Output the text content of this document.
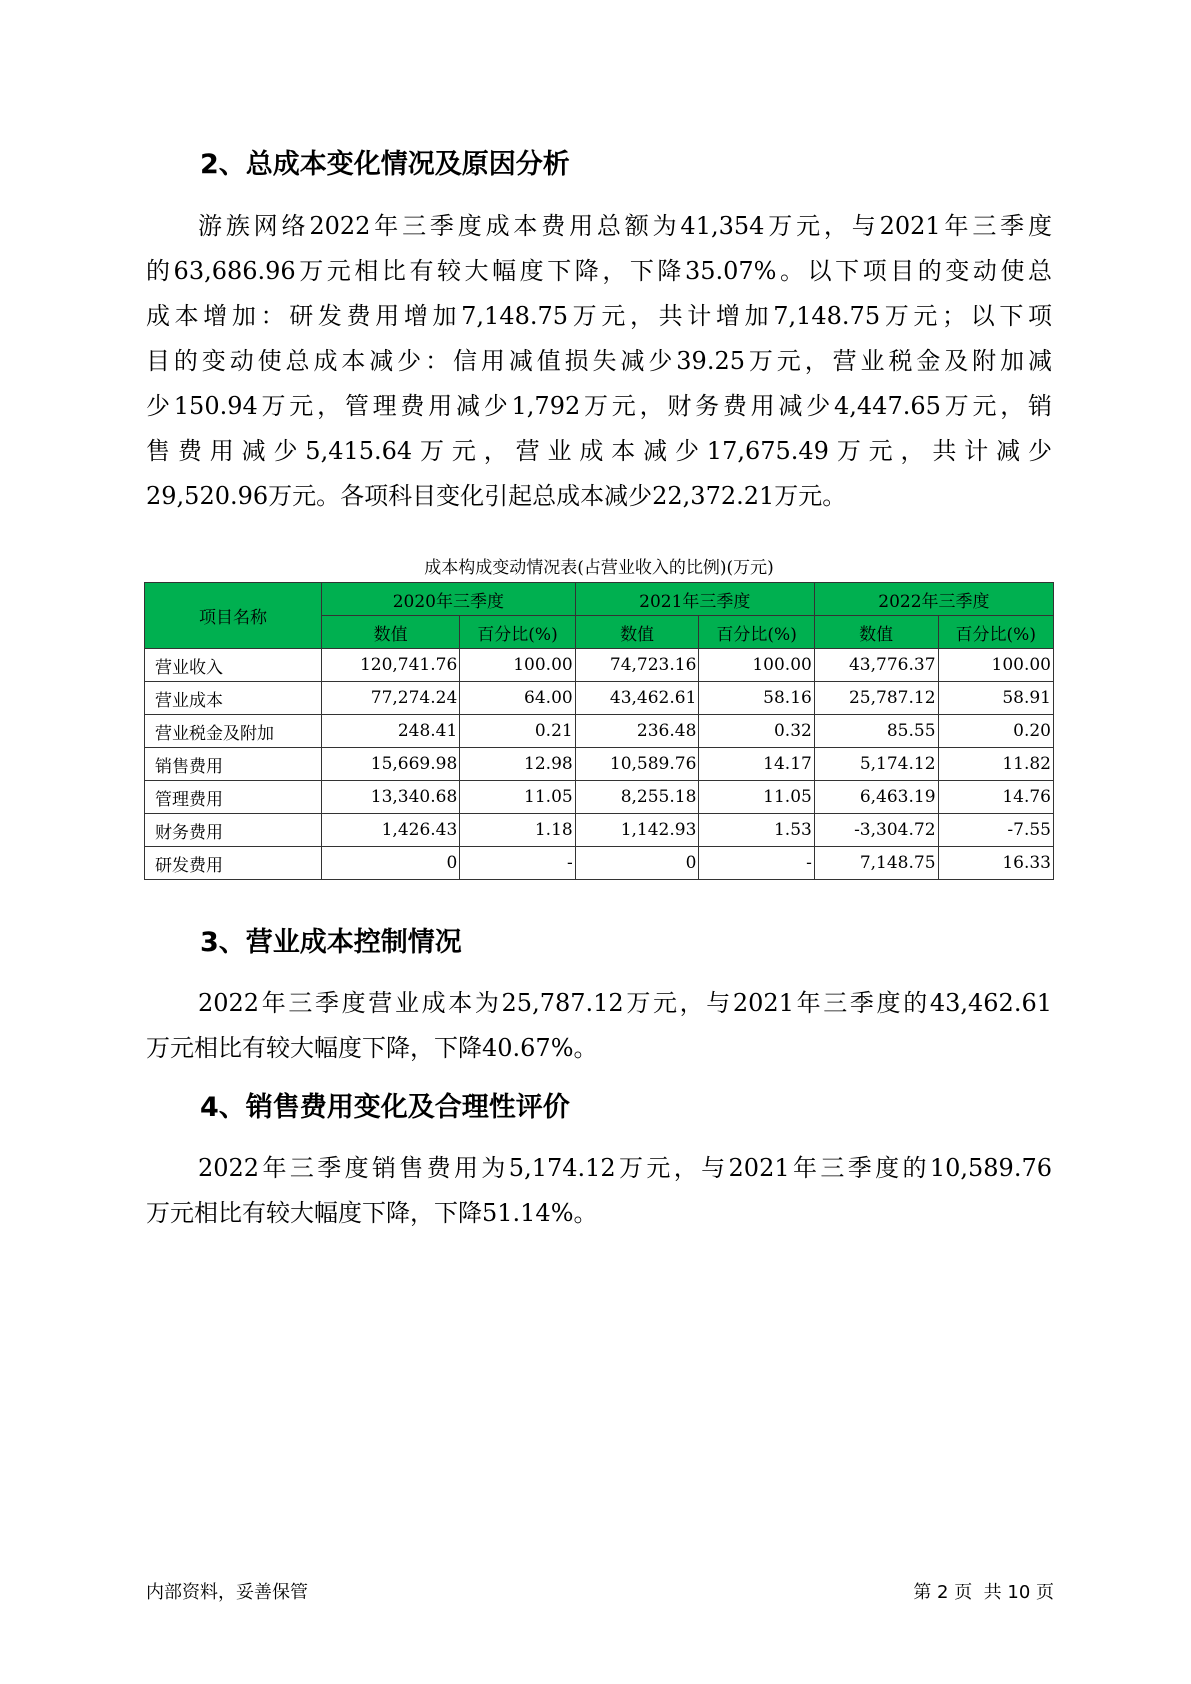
2、总成本变化情况及原因分析
游族网络2022年三季度成本费用总额为41,354万元，与2021年三季度
的63,686.96万元相比有较大幅度下降，下降35.07%。以下项目的变动使总
成本增加：研发费用增加7,148.75万元，共计增加7,148.75万元；以下项
目的变动使总成本减少：信用减值损失减少39.25万元，营业税金及附加减
少150.94万元，管理费用减少1,792万元，财务费用减少4,447.65万元，销
售费用减少5,415.64万元，营业成本减少17,675.49万元，共计减少
29,520.96万元。各项科目变化引起总成本减少22,372.21万元。
成本构成变动情况表(占营业收入的比例)(万元)
项目名称	2020年三季度		2021年三季度		2022年三季度	
	数值	百分比(%)	数值	百分比(%)	数值	百分比(%)
营业收入	120,741.76	100.00	74,723.16	100.00	43,776.37	100.00
营业成本	77,274.24	64.00	43,462.61	58.16	25,787.12	58.91
营业税金及附加	248.41	0.21	236.48	0.32	85.55	0.20
销售费用	15,669.98	12.98	10,589.76	14.17	5,174.12	11.82
管理费用	13,340.68	11.05	8,255.18	11.05	6,463.19	14.76
财务费用	1,426.43	1.18	1,142.93	1.53	-3,304.72	-7.55
研发费用	0	-	0	-	7,148.75	16.33
3、营业成本控制情况
2022年三季度营业成本为25,787.12万元，与2021年三季度的43,462.61
万元相比有较大幅度下降，下降40.67%。
4、销售费用变化及合理性评价
2022年三季度销售费用为5,174.12万元，与2021年三季度的10,589.76
万元相比有较大幅度下降，下降51.14%。
内部资料，妥善保管	第 2 页  共 10 页
